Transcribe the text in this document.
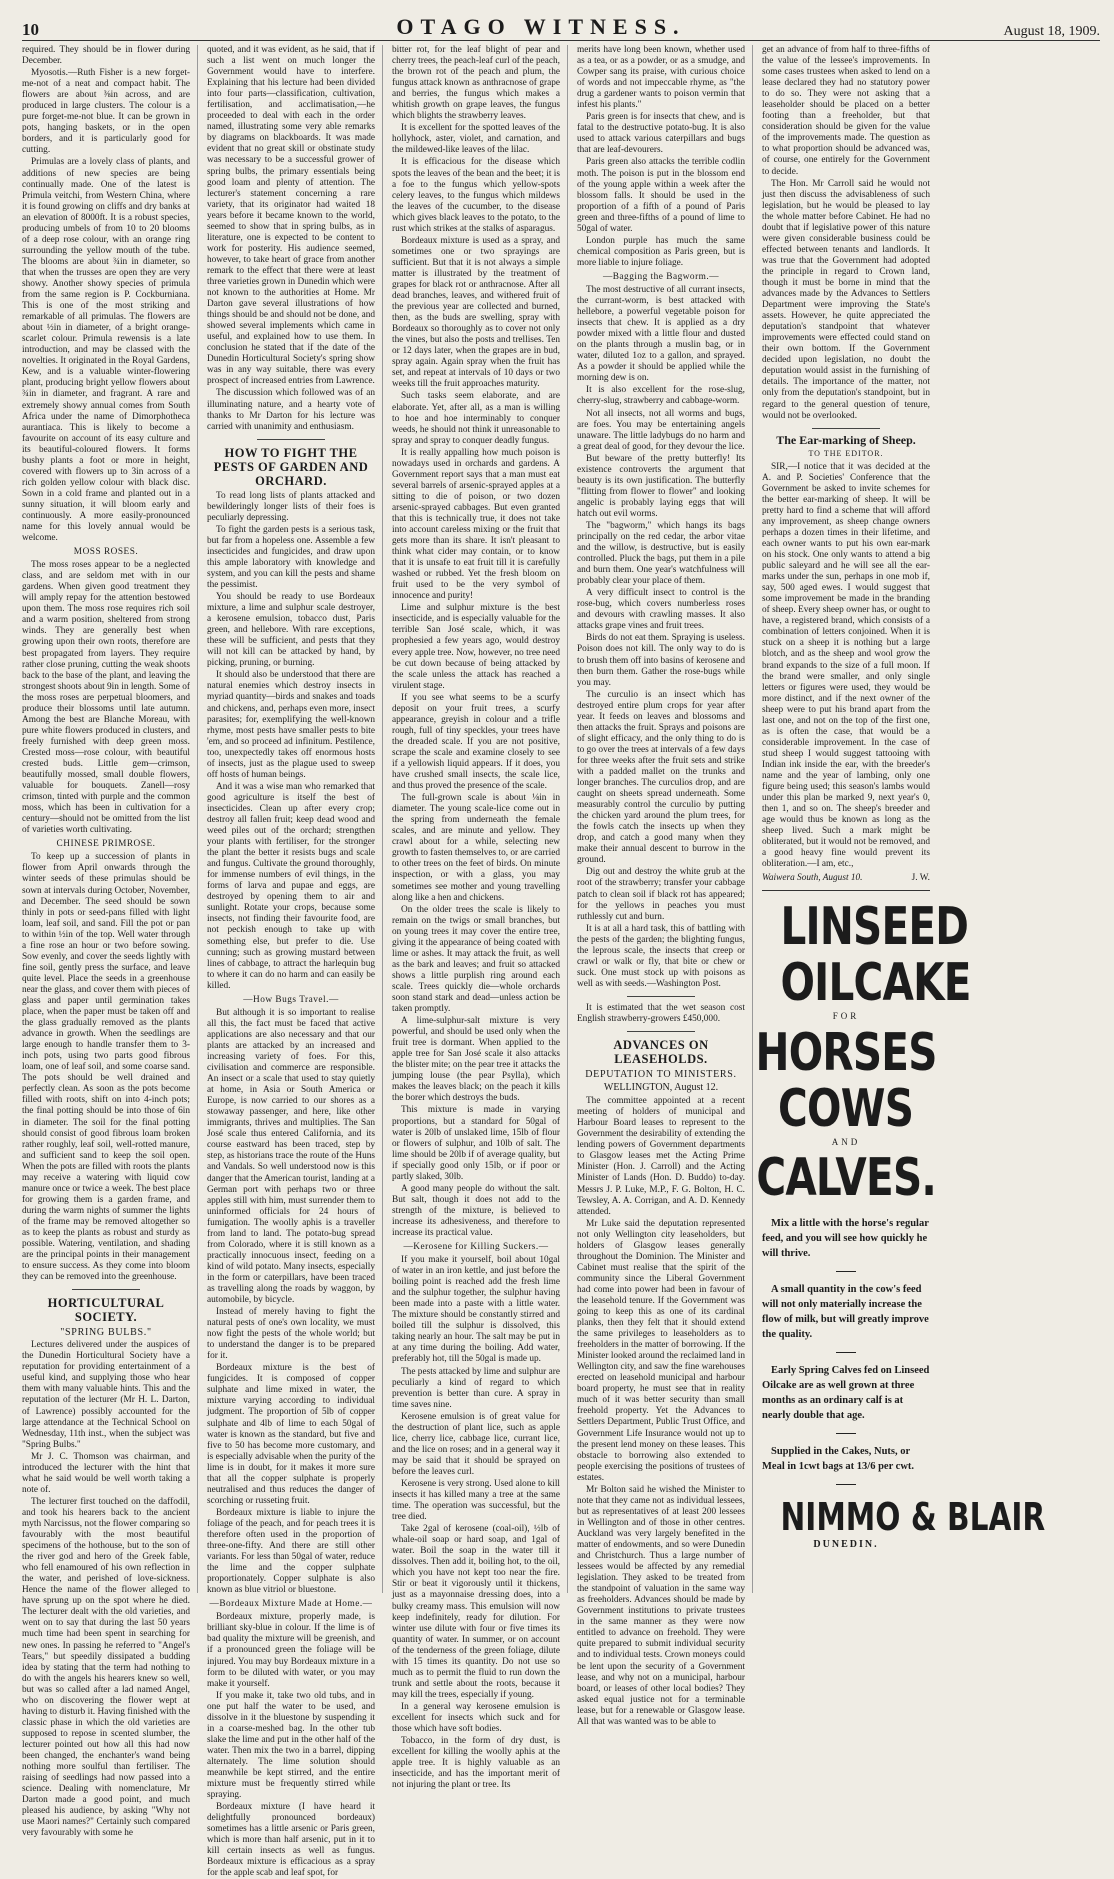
10	OTAGO WITNESS.	August 18, 1909.

required. They should be in flower during December.

Myosotis.—Ruth Fisher is a new forget-me-not of a neat and compact habit. The flowers are about ⅜in across, and are produced in large clusters. The colour is a pure forget-me-not blue. It can be grown in pots, hanging baskets, or in the open borders, and it is particularly good for cutting.

Primulas are a lovely class of plants, and additions of new species are being continually made. One of the latest is Primula veitchi, from Western China, where it is found growing on cliffs and dry banks at an elevation of 8000ft. It is a robust species, producing umbels of from 10 to 20 blooms of a deep rose colour, with an orange ring surrounding the yellow mouth of the tube. The blooms are about ¾in in diameter, so that when the trusses are open they are very showy. Another showy species of primula from the same region is P. Cockburniana. This is one of the most striking and remarkable of all primulas. The flowers are about ½in in diameter, of a bright orange-scarlet colour. Primula rewensis is a late introduction, and may be classed with the novelties. It originated in the Royal Gardens, Kew, and is a valuable winter-flowering plant, producing bright yellow flowers about ¾in in diameter, and fragrant. A rare and extremely showy annual comes from South Africa under the name of Dimorphotheca aurantiaca. This is likely to become a favourite on account of its easy culture and its beautiful-coloured flowers. It forms bushy plants a foot or more in height, covered with flowers up to 3in across of a rich golden yellow colour with black disc. Sown in a cold frame and planted out in a sunny situation, it will bloom early and continuously. A more easily-pronounced name for this lovely annual would be welcome.

MOSS ROSES.

The moss roses appear to be a neglected class, and are seldom met with in our gardens. When given good treatment they will amply repay for the attention bestowed upon them. The moss rose requires rich soil and a warm position, sheltered from strong winds. They are generally best when growing upon their own roots, therefore are best propagated from layers. They require rather close pruning, cutting the weak shoots back to the base of the plant, and leaving the strongest shoots about 9in in length. Some of the moss roses are perpetual bloomers, and produce their blossoms until late autumn. Among the best are Blanche Moreau, with pure white flowers produced in clusters, and freely furnished with deep green moss. Crested moss—rose colour, with beautiful crested buds. Little gem—crimson, beautifully mossed, small double flowers, valuable for bouquets. Zanell—rosy crimson, tinted with purple and the common moss, which has been in cultivation for a century—should not be omitted from the list of varieties worth cultivating.

CHINESE PRIMROSE.

To keep up a succession of plants in flower from April onwards through the winter seeds of these primulas should be sown at intervals during October, November, and December. The seed should be sown thinly in pots or seed-pans filled with light loam, leaf soil, and sand. Fill the pot or pan to within ½in of the top. Well water through a fine rose an hour or two before sowing. Sow evenly, and cover the seeds lightly with fine soil, gently press the surface, and leave quite level. Place the seeds in a greenhouse near the glass, and cover them with pieces of glass and paper until germination takes place, when the paper must be taken off and the glass gradually removed as the plants advance in growth. When the seedlings are large enough to handle transfer them to 3-inch pots, using two parts good fibrous loam, one of leaf soil, and some coarse sand. The pots should be well drained and perfectly clean. As soon as the pots become filled with roots, shift on into 4-inch pots; the final potting should be into those of 6in in diameter. The soil for the final potting should consist of good fibrous loam broken rather roughly, leaf soil, well-rotted manure, and sufficient sand to keep the soil open. When the pots are filled with roots the plants may receive a watering with liquid cow manure once or twice a week. The best place for growing them is a garden frame, and during the warm nights of summer the lights of the frame may be removed altogether so as to keep the plants as robust and sturdy as possible. Watering, ventilation, and shading are the principal points in their management to ensure success. As they come into bloom they can be removed into the greenhouse.

HORTICULTURAL SOCIETY.
"SPRING BULBS."

Lectures delivered under the auspices of the Dunedin Horticultural Society have a reputation for providing entertainment of a useful kind, and supplying those who hear them with many valuable hints. This and the reputation of the lecturer (Mr H. L. Darton, of Lawrence) possibly accounted for the large attendance at the Technical School on Wednesday, 11th inst., when the subject was "Spring Bulbs."

Mr J. C. Thomson was chairman, and introduced the lecturer with the hint that what he said would be well worth taking a note of.

The lecturer first touched on the daffodil, and took his hearers back to the ancient myth Narcissus, not the flower comparing so favourably with the most beautiful specimens of the hothouse, but to the son of the river god and hero of the Greek fable, who fell enamoured of his own reflection in the water, and perished of love-sickness. Hence the name of the flower alleged to have sprung up on the spot where he died. The lecturer dealt with the old varieties, and went on to say that during the last 50 years much time had been spent in searching for new ones. In passing he referred to "Angel's Tears," but speedily dissipated a budding idea by stating that the term had nothing to do with the angels his hearers knew so well, but was so called after a lad named Angel, who on discovering the flower wept at having to disturb it. Having finished with the classic phase in which the old varieties are supposed to repose in scented slumber, the lecturer pointed out how all this had now been changed, the enchanter's wand being nothing more soulful than fertiliser. The raising of seedlings had now passed into a science. Dealing with nomenclature, Mr Darton made a good point, and much pleased his audience, by asking "Why not use Maori names?" Certainly such compared very favourably with some he

quoted, and it was evident, as he said, that if such a list went on much longer the Government would have to interfere. Explaining that his lecture had been divided into four parts—classification, cultivation, fertilisation, and acclimatisation,—he proceeded to deal with each in the order named, illustrating some very able remarks by diagrams on blackboards. It was made evident that no great skill or obstinate study was necessary to be a successful grower of spring bulbs, the primary essentials being good loam and plenty of attention. The lecturer's statement concerning a rare variety, that its originator had waited 18 years before it became known to the world, seemed to show that in spring bulbs, as in literature, one is expected to be content to work for posterity. His audience seemed, however, to take heart of grace from another remark to the effect that there were at least three varieties grown in Dunedin which were not known to the authorities at Home. Mr Darton gave several illustrations of how things should be and should not be done, and showed several implements which came in useful, and explained how to use them. In conclusion he stated that if the date of the Dunedin Horticultural Society's spring show was in any way suitable, there was every prospect of increased entries from Lawrence.

The discussion which followed was of an illuminating nature, and a hearty vote of thanks to Mr Darton for his lecture was carried with unanimity and enthusiasm.

HOW TO FIGHT THE PESTS OF GARDEN AND ORCHARD.

To read long lists of plants attacked and bewilderingly longer lists of their foes is peculiarly depressing.

To fight the garden pests is a serious task, but far from a hopeless one. Assemble a few insecticides and fungicides, and draw upon this ample laboratory with knowledge and system, and you can kill the pests and shame the pessimist.

You should be ready to use Bordeaux mixture, a lime and sulphur scale destroyer, a kerosene emulsion, tobacco dust, Paris green, and hellebore. With rare exceptions, these will be sufficient, and pests that they will not kill can be attacked by hand, by picking, pruning, or burning.

It should also be understood that there are natural enemies which destroy insects in myriad quantity—birds and snakes and toads and chickens, and, perhaps even more, insect parasites; for, exemplifying the well-known rhyme, most pests have smaller pests to bite 'em, and so proceed ad infinitum. Pestilence, too, unexpectedly takes off enormous hosts of insects, just as the plague used to sweep off hosts of human beings.

And it was a wise man who remarked that good agriculture is itself the best of insecticides. Clean up after every crop; destroy all fallen fruit; keep dead wood and weed piles out of the orchard; strengthen your plants with fertiliser, for the stronger the plant the better it resists bugs and scale and fungus. Cultivate the ground thoroughly, for immense numbers of evil things, in the forms of larva and pupae and eggs, are destroyed by opening them to air and sunlight. Rotate your crops, because some insects, not finding their favourite food, are not peckish enough to take up with something else, but prefer to die. Use cunning; such as growing mustard between lines of cabbage, to attract the harlequin bug to where it can do no harm and can easily be killed.

—How Bugs Travel.—

But although it is so important to realise all this, the fact must be faced that active applications are also necessary and that our plants are attacked by an increased and increasing variety of foes. For this, civilisation and commerce are responsible. An insect or a scale that used to stay quietly at home, in Asia or South America or Europe, is now carried to our shores as a stowaway passenger, and here, like other immigrants, thrives and multiplies. The San José scale thus entered California, and its course eastward has been traced, step by step, as historians trace the route of the Huns and Vandals. So well understood now is this danger that the American tourist, landing at a German port with perhaps two or three apples still with him, must surrender them to uninformed officials for 24 hours of fumigation. The woolly aphis is a traveller from land to land. The potato-bug spread from Colorado, where it is still known as a practically innocuous insect, feeding on a kind of wild potato. Many insects, especially in the form or caterpillars, have been traced as travelling along the roads by waggon, by automobile, by bicycle.

Instead of merely having to fight the natural pests of one's own locality, we must now fight the pests of the whole world; but to understand the danger is to be prepared for it.

Bordeaux mixture is the best of fungicides. It is composed of copper sulphate and lime mixed in water, the mixture varying according to individual judgment. The proportion of 5lb of copper sulphate and 4lb of lime to each 50gal of water is known as the standard, but five and five to 50 has become more customary, and is especially advisable when the purity of the lime is in doubt, for it makes it more sure that all the copper sulphate is properly neutralised and thus reduces the danger of scorching or russeting fruit.

Bordeaux mixture is liable to injure the foliage of the peach, and for peach trees it is therefore often used in the proportion of three-one-fifty. And there are still other variants. For less than 50gal of water, reduce the lime and the copper sulphate proportionately. Copper sulphate is also known as blue vitriol or bluestone.

—Bordeaux Mixture Made at Home.—

Bordeaux mixture, properly made, is brilliant sky-blue in colour. If the lime is of bad quality the mixture will be greenish, and if a pronounced green the foliage will be injured. You may buy Bordeaux mixture in a form to be diluted with water, or you may make it yourself.

If you make it, take two old tubs, and in one put half the water to be used, and dissolve in it the bluestone by suspending it in a coarse-meshed bag. In the other tub slake the lime and put in the other half of the water. Then mix the two in a barrel, dipping alternately. The lime solution should meanwhile be kept stirred, and the entire mixture must be frequently stirred while spraying.

Bordeaux mixture (I have heard it delightfully pronounced bordeaux) sometimes has a little arsenic or Paris green, which is more than half arsenic, put in it to kill certain insects as well as fungus. Bordeaux mixture is efficacious as a spray for the apple scab and leaf spot, for

bitter rot, for the leaf blight of pear and cherry trees, the peach-leaf curl of the peach, the brown rot of the peach and plum, the fungus attack known as anthracnose of grape and berries, the fungus which makes a whitish growth on grape leaves, the fungus which blights the strawberry leaves.

It is excellent for the spotted leaves of the hollyhock, aster, violet, and carnation, and the mildewed-like leaves of the lilac.

It is efficacious for the disease which spots the leaves of the bean and the beet; it is a foe to the fungus which yellow-spots celery leaves, to the fungus which mildews the leaves of the cucumber, to the disease which gives black leaves to the potato, to the rust which strikes at the stalks of asparagus.

Bordeaux mixture is used as a spray, and sometimes one or two sprayings are sufficient. But that it is not always a simple matter is illustrated by the treatment of grapes for black rot or anthracnose. After all dead branches, leaves, and withered fruit of the previous year are collected and burned, then, as the buds are swelling, spray with Bordeaux so thoroughly as to cover not only the vines, but also the posts and trellises. Ten or 12 days later, when the grapes are in bud, spray again. Again spray when the fruit has set, and repeat at intervals of 10 days or two weeks till the fruit approaches maturity.

Such tasks seem elaborate, and are elaborate. Yet, after all, as a man is willing to hoe and hoe interminably to conquer weeds, he should not think it unreasonable to spray and spray to conquer deadly fungus.

It is really appalling how much poison is nowadays used in orchards and gardens. A Government report says that a man must eat several barrels of arsenic-sprayed apples at a sitting to die of poison, or two dozen arsenic-sprayed cabbages. But even granted that this is technically true, it does not take into account careless mixing or the fruit that gets more than its share. It isn't pleasant to think what cider may contain, or to know that it is unsafe to eat fruit till it is carefully washed or rubbed. Yet the fresh bloom on fruit used to be the very symbol of innocence and purity!

Lime and sulphur mixture is the best insecticide, and is especially valuable for the terrible San José scale, which, it was prophesied a few years ago, would destroy every apple tree. Now, however, no tree need be cut down because of being attacked by the scale unless the attack has reached a virulent stage.

If you see what seems to be a scurfy deposit on your fruit trees, a scurfy appearance, greyish in colour and a trifle rough, full of tiny speckles, your trees have the dreaded scale. If you are not positive, scrape the scale and examine closely to see if a yellowish liquid appears. If it does, you have crushed small insects, the scale lice, and thus proved the presence of the scale.

The full-grown scale is about ⅛in in diameter. The young scale-lice come out in the spring from underneath the female scales, and are minute and yellow. They crawl about for a while, selecting new growth to fasten themselves to, or are carried to other trees on the feet of birds. On minute inspection, or with a glass, you may sometimes see mother and young travelling along like a hen and chickens.

On the older trees the scale is likely to remain on the twigs or small branches, but on young trees it may cover the entire tree, giving it the appearance of being coated with lime or ashes. It may attack the fruit, as well as the bark and leaves; and fruit so attacked shows a little purplish ring around each scale. Trees quickly die—whole orchards soon stand stark and dead—unless action be taken promptly.

A lime-sulphur-salt mixture is very powerful, and should be used only when the fruit tree is dormant. When applied to the apple tree for San José scale it also attacks the blister mite; on the pear tree it attacks the jumping louse (the pear Psylla), which makes the leaves black; on the peach it kills the borer which destroys the buds.

This mixture is made in varying proportions, but a standard for 50gal of water is 20lb of unslaked lime, 15lb of flour or flowers of sulphur, and 10lb of salt. The lime should be 20lb if of average quality, but if specially good only 15lb, or if poor or partly slaked, 30lb.

A good many people do without the salt. But salt, though it does not add to the strength of the mixture, is believed to increase its adhesiveness, and therefore to increase its practical value.

—Kerosene for Killing Suckers.—

If you make it yourself, boil about 10gal of water in an iron kettle, and just before the boiling point is reached add the fresh lime and the sulphur together, the sulphur having been made into a paste with a little water. The mixture should be constantly stirred and boiled till the sulphur is dissolved, this taking nearly an hour. The salt may be put in at any time during the boiling. Add water, preferably hot, till the 50gal is made up.

The pests attacked by lime and sulphur are peculiarly a kind of regard to which prevention is better than cure. A spray in time saves nine.

Kerosene emulsion is of great value for the destruction of plant lice, such as apple lice, cherry lice, cabbage lice, currant lice, and the lice on roses; and in a general way it may be said that it should be sprayed on before the leaves curl.

Kerosene is very strong. Used alone to kill insects it has killed many a tree at the same time. The operation was successful, but the tree died.

Take 2gal of kerosene (coal-oil), ½lb of whale-oil soap or hard soap, and 1gal of water. Boil the soap in the water till it dissolves. Then add it, boiling hot, to the oil, which you have not kept too near the fire. Stir or beat it vigorously until it thickens, just as a mayonnaise dressing does, into a bulky creamy mass. This emulsion will now keep indefinitely, ready for dilution. For winter use dilute with four or five times its quantity of water. In summer, or on account of the tenderness of the green foliage, dilute with 15 times its quantity. Do not use so much as to permit the fluid to run down the trunk and settle about the roots, because it may kill the trees, especially if young.

In a general way kerosene emulsion is excellent for insects which suck and for those which have soft bodies.

Tobacco, in the form of dry dust, is excellent for killing the woolly aphis at the apple tree. It is highly valuable as an insecticide, and has the important merit of not injuring the plant or tree. Its

merits have long been known, whether used as a tea, or as a powder, or as a smudge, and Cowper sang its praise, with curious choice of words and not impeccable rhyme, as "the drug a gardener wants to poison vermin that infest his plants."

Paris green is for insects that chew, and is fatal to the destructive potato-bug. It is also used to attack various caterpillars and bugs that are leaf-devourers.

Paris green also attacks the terrible codlin moth. The poison is put in the blossom end of the young apple within a week after the blossom falls. It should be used in the proportion of a fifth of a pound of Paris green and three-fifths of a pound of lime to 50gal of water.

London purple has much the same chemical composition as Paris green, but is more liable to injure foliage.

—Bagging the Bagworm.—

The most destructive of all currant insects, the currant-worm, is best attacked with hellebore, a powerful vegetable poison for insects that chew. It is applied as a dry powder mixed with a little flour and dusted on the plants through a muslin bag, or in water, diluted 1oz to a gallon, and sprayed. As a powder it should be applied while the morning dew is on.

It is also excellent for the rose-slug, cherry-slug, strawberry and cabbage-worm.

Not all insects, not all worms and bugs, are foes. You may be entertaining angels unaware. The little ladybugs do no harm and a great deal of good, for they devour the lice.

But beware of the pretty butterfly! Its existence controverts the argument that beauty is its own justification. The butterfly "flitting from flower to flower" and looking angelic is probably laying eggs that will hatch out evil worms.

The "bagworm," which hangs its bags principally on the red cedar, the arbor vitae and the willow, is destructive, but is easily controlled. Pluck the bags, put them in a pile and burn them. One year's watchfulness will probably clear your place of them.

A very difficult insect to control is the rose-bug, which covers numberless roses and devours with crawling masses. It also attacks grape vines and fruit trees.

Birds do not eat them. Spraying is useless. Poison does not kill. The only way to do is to brush them off into basins of kerosene and then burn them. Gather the rose-bugs while you may.

The curculio is an insect which has destroyed entire plum crops for year after year. It feeds on leaves and blossoms and then attacks the fruit. Sprays and poisons are of slight efficacy, and the only thing to do is to go over the trees at intervals of a few days for three weeks after the fruit sets and strike with a padded mallet on the trunks and longer branches. The curculios drop, and are caught on sheets spread underneath. Some measurably control the curculio by putting the chicken yard around the plum trees, for the fowls catch the insects up when they drop, and catch a good many when they make their annual descent to burrow in the ground.

Dig out and destroy the white grub at the root of the strawberry; transfer your cabbage patch to clean soil if black rot has appeared; for the yellows in peaches you must ruthlessly cut and burn.

It is at all a hard task, this of battling with the pests of the garden; the blighting fungus, the leprous scale, the insects that creep or crawl or walk or fly, that bite or chew or suck. One must stock up with poisons as well as with seeds.—Washington Post.

It is estimated that the wet season cost English strawberry-growers £450,000.

ADVANCES ON LEASEHOLDS.
DEPUTATION TO MINISTERS.
WELLINGTON, August 12.

The committee appointed at a recent meeting of holders of municipal and Harbour Board leases to represent to the Government the desirability of extending the lending powers of Government departments to Glasgow leases met the Acting Prime Minister (Hon. J. Carroll) and the Acting Minister of Lands (Hon. D. Buddo) to-day. Messrs J. P. Luke, M.P., F. G. Bolton, H. C. Tewsley, A. A. Corrigan, and A. D. Kennedy attended.

Mr Luke said the deputation represented not only Wellington city leaseholders, but holders of Glasgow leases generally throughout the Dominion. The Minister and Cabinet must realise that the spirit of the community since the Liberal Government had come into power had been in favour of the leasehold tenure. If the Government was going to keep this as one of its cardinal planks, then they felt that it should extend the same privileges to leaseholders as to freeholders in the matter of borrowing. If the Minister looked around the reclaimed land in Wellington city, and saw the fine warehouses erected on leasehold municipal and harbour board property, he must see that in reality much of it was better security than small freehold property. Yet the Advances to Settlers Department, Public Trust Office, and Government Life Insurance would not up to the present lend money on these leases. This obstacle to borrowing also extended to people exercising the positions of trustees of estates.

Mr Bolton said he wished the Minister to note that they came not as individual lessees, but as representatives of at least 200 lessees in Wellington and of those in other centres. Auckland was very largely benefited in the matter of endowments, and so were Dunedin and Christchurch. Thus a large number of lessees would be affected by any remedial legislation. They asked to be treated from the standpoint of valuation in the same way as freeholders. Advances should be made by Government institutions to private trustees in the same manner as they were now entitled to advance on freehold. They were quite prepared to submit individual security and to individual tests. Crown moneys could be lent upon the security of a Government lease, and why not on a municipal, harbour board, or leases of other local bodies? They asked equal justice not for a terminable lease, but for a renewable or Glasgow lease. All that was wanted was to be able to

get an advance of from half to three-fifths of the value of the lessee's improvements. In some cases trustees when asked to lend on a lease declared they had no statutory power to do so. They were not asking that a leaseholder should be placed on a better footing than a freeholder, but that consideration should be given for the value of the improvements made. The question as to what proportion should be advanced was, of course, one entirely for the Government to decide.

The Hon. Mr Carroll said he would not just then discuss the advisableness of such legislation, but he would be pleased to lay the whole matter before Cabinet. He had no doubt that if legislative power of this nature were given considerable business could be effected between tenants and landlords. It was true that the Government had adopted the principle in regard to Crown land, though it must be borne in mind that the advances made by the Advances to Settlers Department were improving the State's assets. However, he quite appreciated the deputation's standpoint that whatever improvements were effected could stand on their own bottom. If the Government decided upon legislation, no doubt the deputation would assist in the furnishing of details. The importance of the matter, not only from the deputation's standpoint, but in regard to the general question of tenure, would not be overlooked.

The Ear-marking of Sheep.
TO THE EDITOR.

SIR,—I notice that it was decided at the A. and P. Societies' Conference that the Government be asked to invite schemes for the better ear-marking of sheep. It will be pretty hard to find a scheme that will afford any improvement, as sheep change owners perhaps a dozen times in their lifetime, and each owner wants to put his own ear-mark on his stock. One only wants to attend a big public saleyard and he will see all the ear-marks under the sun, perhaps in one mob if, say, 500 aged ewes. I would suggest that some improvement be made in the branding of sheep. Every sheep owner has, or ought to have, a registered brand, which consists of a combination of letters conjoined. When it is stuck on a sheep it is nothing but a large blotch, and as the sheep and wool grow the brand expands to the size of a full moon. If the brand were smaller, and only single letters or figures were used, they would be more distinct, and if the next owner of the sheep were to put his brand apart from the last one, and not on the top of the first one, as is often the case, that would be a considerable improvement. In the case of stud sheep I would suggest tattooing with Indian ink inside the ear, with the breeder's name and the year of lambing, only one figure being used; this season's lambs would under this plan be marked 9, next year's 0, then 1, and so on. The sheep's breeder and age would thus be known as long as the sheep lived. Such a mark might be obliterated, but it would not be removed, and a good heavy fine would prevent its obliteration.—I am, etc.,

Waiwera South, August 10.	J. W.
LINSEED
OILCAKE
FOR
HORSES
COWS
AND
CALVES.

Mix a little with the horse's regular feed, and you will see how quickly he will thrive.

A small quantity in the cow's feed will not only materially increase the flow of milk, but will greatly improve the quality.

Early Spring Calves fed on Linseed Oilcake are as well grown at three months as an ordinary calf is at nearly double that age.

Supplied in the Cakes, Nuts, or Meal in 1cwt bags at 13/6 per cwt.

NIMMO & BLAIR
DUNEDIN.
